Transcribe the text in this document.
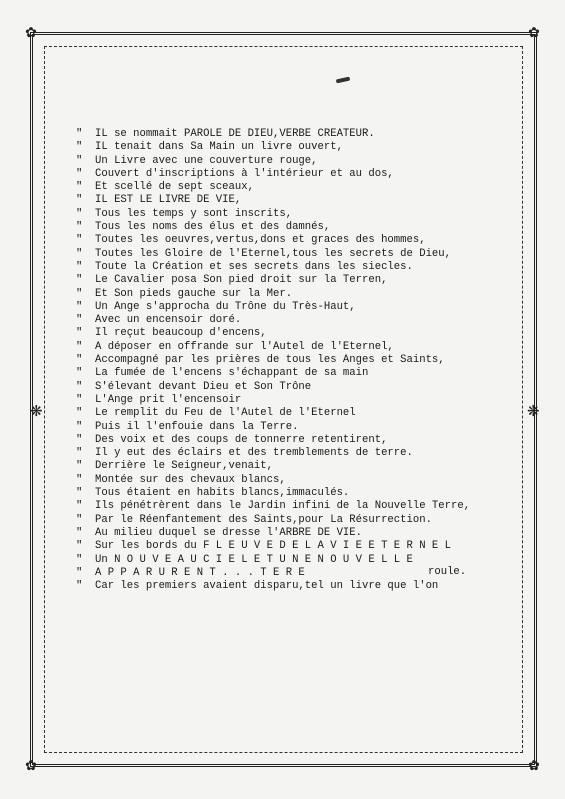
✿	✿
✿	✿
❋	❋
"	IL se nommait PAROLE DE DIEU,VERBE CREATEUR.
"	IL tenait dans Sa Main un livre ouvert,
"	Un Livre avec une couverture rouge,
"	Couvert d'inscriptions à l'intérieur et au dos,
"	Et scellé de sept sceaux,
"	IL EST LE LIVRE DE VIE,
"	Tous les temps y sont inscrits,
"	Tous les noms des élus et des damnés,
"	Toutes les oeuvres,vertus,dons et graces des hommes,
"	Toutes les Gloire de l'Eternel,tous les secrets de Dieu,
"	Toute la Création et ses secrets dans les siecles.
"	Le Cavalier posa Son pied droit sur la Terren,
"	Et Son pieds gauche sur la Mer.
"	Un Ange s'approcha du Trône du Très-Haut,
"	Avec un encensoir doré.
"	Il reçut beaucoup d'encens,
"	A déposer en offrande sur l'Autel de l'Eternel,
"	Accompagné par les prières de tous les Anges et Saints,
"	La fumée de l'encens s'échappant de sa main
"	S'élevant devant Dieu et Son Trône
"	L'Ange prit l'encensoir
"	Le remplit du Feu de l'Autel de l'Eternel
"	Puis il l'enfouie dans la Terre.
"	Des voix et des coups de tonnerre retentirent,
"	Il y eut des éclairs et des tremblements de terre.
"	Derrière le Seigneur,venait,
"	Montée sur des chevaux blancs,
"	Tous étaient en habits blancs,immaculés.
"	Ils pénétrèrent dans le Jardin infini de la Nouvelle Terre,
"	Par le Réenfantement des Saints,pour La Résurrection.
"	Au milieu duquel se dresse l'ARBRE DE VIE.
"	Sur les bords du F L E U V E D E L A V I E E T E R N E L
"	Un N O U V E A U C I E L E T U N E N O U V E L L E
"	A P P A R U R E N T . . . T E R E
"	Car les premiers avaient disparu,tel un livre que l'on
roule.
